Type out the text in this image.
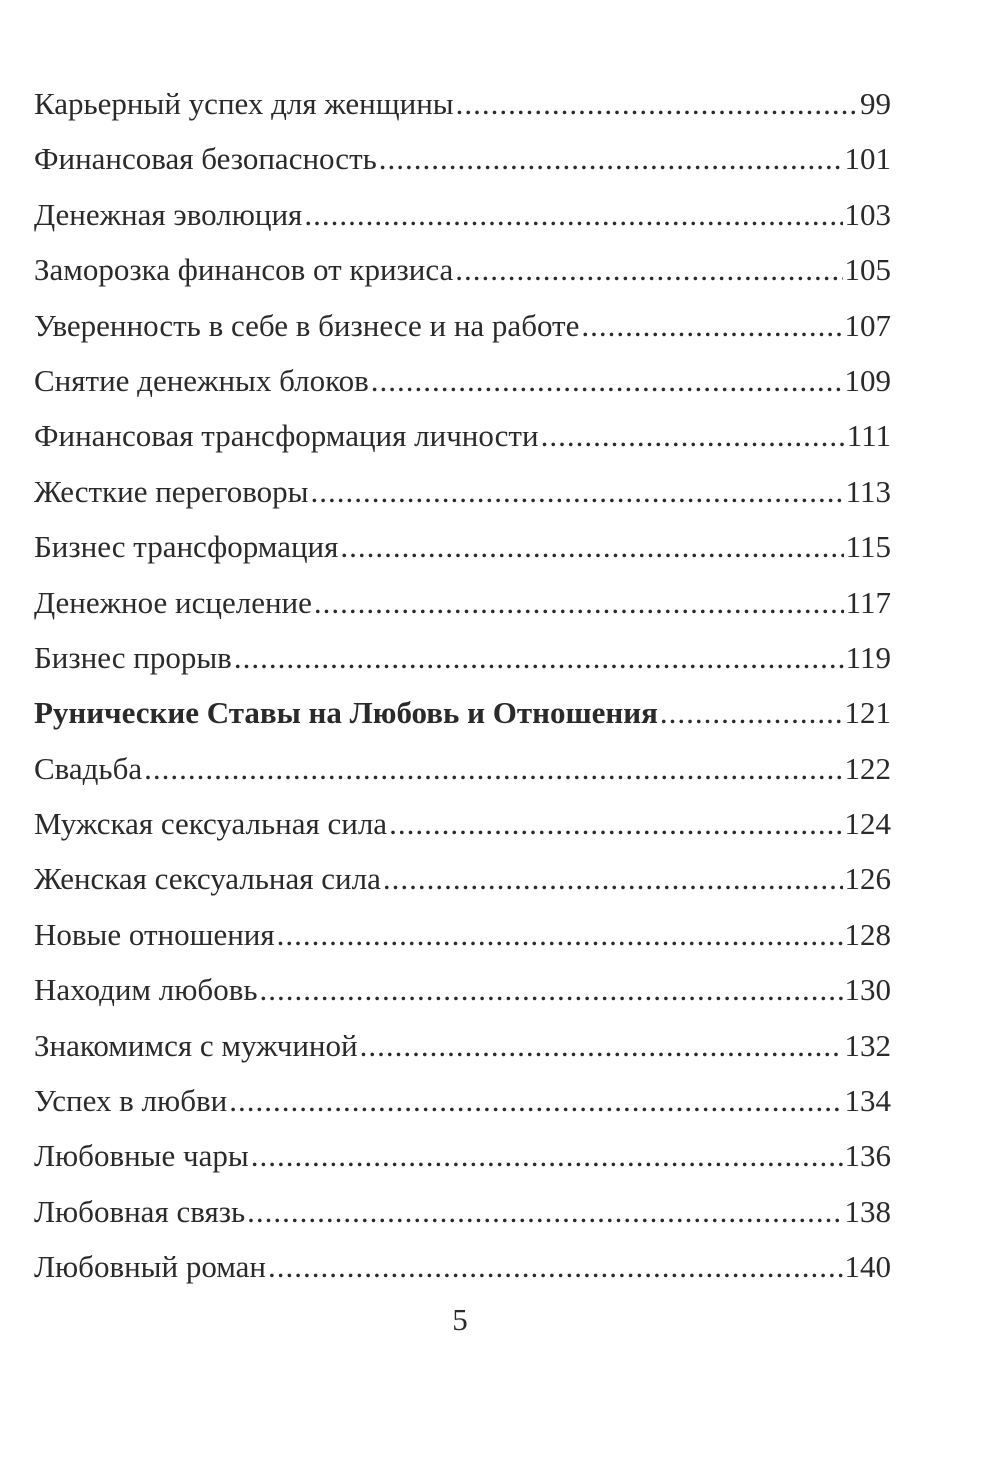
Карьерный успех для женщины .....	99
Финансовая безопасность .....	101
Денежная эволюция .....	103
Заморозка финансов от кризиса .....	105
Уверенность в себе в бизнесе и на работе .....	107
Снятие денежных блоков .....	109
Финансовая трансформация личности .....	111
Жесткие переговоры .....	113
Бизнес трансформация .....	115
Денежное исцеление .....	117
Бизнес прорыв .....	119
Рунические Ставы на Любовь и Отношения .....	121
Свадьба .....	122
Мужская сексуальная сила .....	124
Женская сексуальная сила .....	126
Новые отношения .....	128
Находим любовь .....	130
Знакомимся с мужчиной .....	132
Успех в любви .....	134
Любовные чары .....	136
Любовная связь .....	138
Любовный роман .....	140
5
